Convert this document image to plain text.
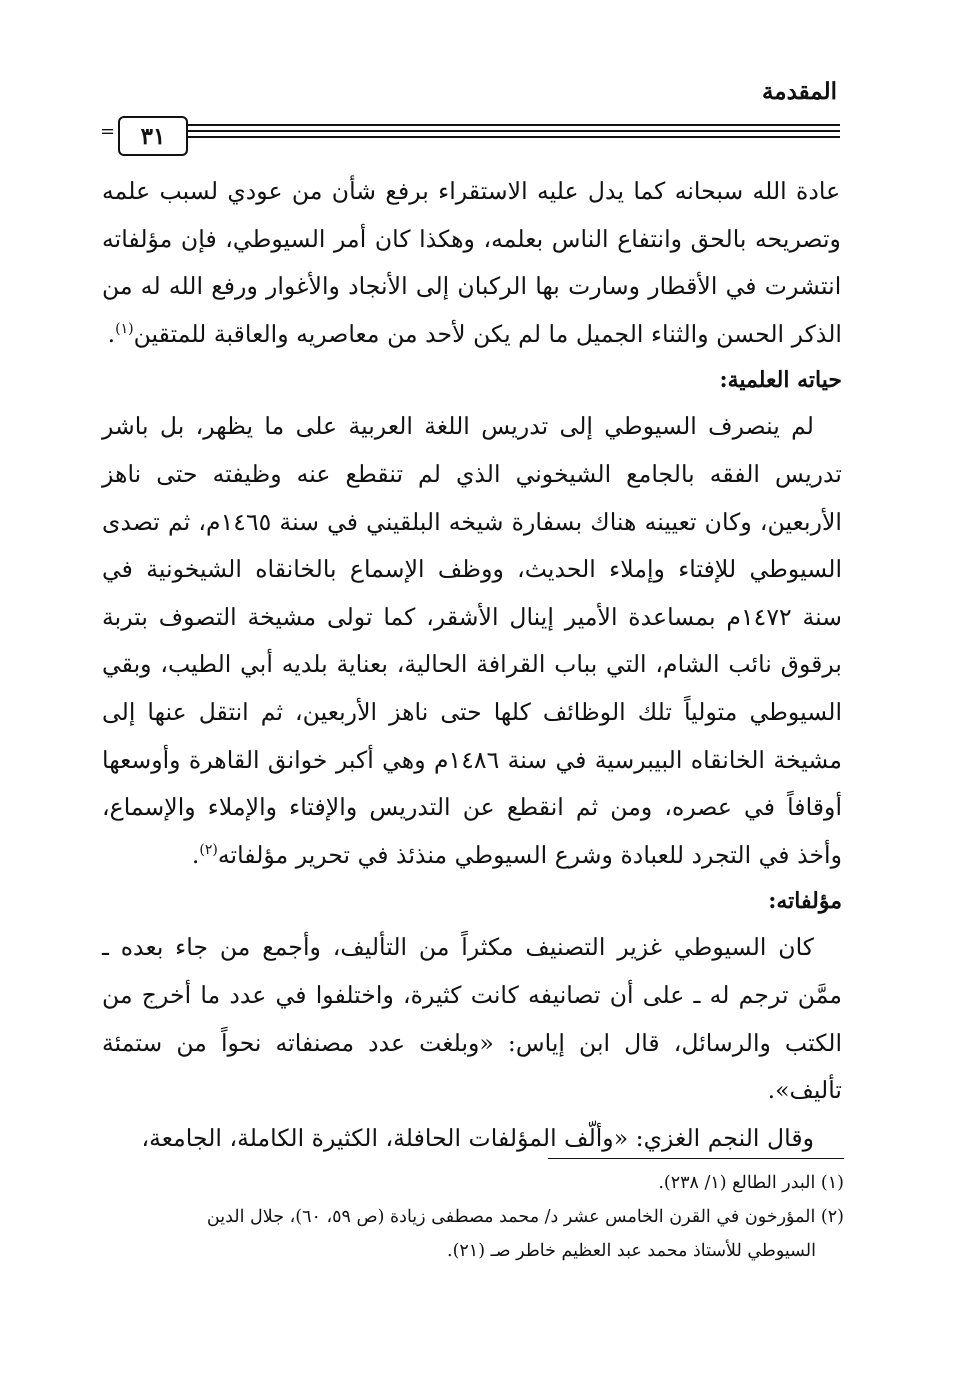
المقدمة
= ٣١

عادة الله سبحانه كما يدل عليه الاستقراء برفع شأن من عودي لسبب علمه وتصريحه بالحق وانتفاع الناس بعلمه، وهكذا كان أمر السيوطي، فإن مؤلفاته انتشرت في الأقطار وسارت بها الركبان إلى الأنجاد والأغوار ورفع الله له من الذكر الحسن والثناء الجميل ما لم يكن لأحد من معاصريه والعاقبة للمتقين$^{(١)}$.

حياته العلمية:

لم ينصرف السيوطي إلى تدريس اللغة العربية على ما يظهر، بل باشر تدريس الفقه بالجامع الشيخوني الذي لم تنقطع عنه وظيفته حتى ناهز الأربعين، وكان تعيينه هناك بسفارة شيخه البلقيني في سنة ١٤٦٥م، ثم تصدى السيوطي للإفتاء وإملاء الحديث، ووظف الإسماع بالخانقاه الشيخونية في سنة ١٤٧٢م بمساعدة الأمير إينال الأشقر، كما تولى مشيخة التصوف بتربة برقوق نائب الشام، التي بباب القرافة الحالية، بعناية بلديه أبي الطيب، وبقي السيوطي متولياً تلك الوظائف كلها حتى ناهز الأربعين، ثم انتقل عنها إلى مشيخة الخانقاه البيبرسية في سنة ١٤٨٦م وهي أكبر خوانق القاهرة وأوسعها أوقافاً في عصره، ومن ثم انقطع عن التدريس والإفتاء والإملاء والإسماع، وأخذ في التجرد للعبادة وشرع السيوطي منذئذ في تحرير مؤلفاته$^{(٢)}$.

مؤلفاته:

كان السيوطي غزير التصنيف مكثراً من التأليف، وأجمع من جاء بعده ـ ممَّن ترجم له ـ على أن تصانيفه كانت كثيرة، واختلفوا في عدد ما أخرج من الكتب والرسائل، قال ابن إياس: «وبلغت عدد مصنفاته نحواً من ستمئة تأليف».

وقال النجم الغزي: «وألّف المؤلفات الحافلة، الكثيرة الكاملة، الجامعة،

(١) البدر الطالع (١/ ٢٣٨).

(٢) المؤرخون في القرن الخامس عشر د/ محمد مصطفى زيادة (ص ٥٩، ٦٠)، جلال الدين
السيوطي للأستاذ محمد عبد العظيم خاطر صـ (٢١).
